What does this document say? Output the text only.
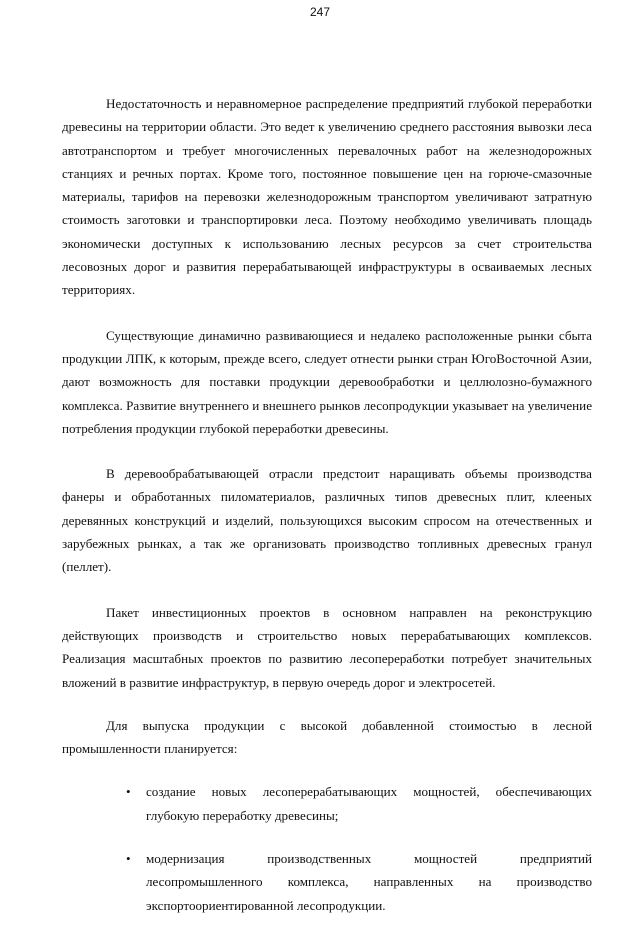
247

Недостаточность и неравномерное распределение предприятий глубокой переработки древесины на территории области. Это ведет к увеличению среднего расстояния вывозки леса автотранспортом и требует многочисленных перевалочных работ на железнодорожных станциях и речных портах. Кроме того, постоянное повышение цен на горюче-смазочные материалы, тарифов на перевозки железнодорожным транспортом увеличивают затратную стоимость заготовки и транспортировки леса. Поэтому необходимо увеличивать площадь экономически доступных к использованию лесных ресурсов за счет строительства лесовозных дорог и развития перерабатывающей инфраструктуры в осваиваемых лесных территориях.

Существующие динамично развивающиеся и недалеко расположенные рынки сбыта продукции ЛПК, к которым, прежде всего, следует отнести рынки стран ЮгоВосточной Азии, дают возможность для поставки продукции деревообработки и целлюлозно-бумажного комплекса. Развитие внутреннего и внешнего рынков лесопродукции указывает на увеличение потребления продукции глубокой переработки древесины.

В деревообрабатывающей отрасли предстоит наращивать объемы производства фанеры и обработанных пиломатериалов, различных типов древесных плит, клееных деревянных конструкций и изделий, пользующихся высоким спросом на отечественных и зарубежных рынках, а так же организовать производство топливных древесных гранул (пеллет).

Пакет инвестиционных проектов в основном направлен на реконструкцию действующих производств и строительство новых перерабатывающих комплексов. Реализация масштабных проектов по развитию лесопереработки потребует значительных вложений в развитие инфраструктур, в первую очередь дорог и электросетей.

Для выпуска продукции с высокой добавленной стоимостью в лесной промышленности планируется:

• создание новых лесоперерабатывающих мощностей, обеспечивающих глубокую переработку древесины;
• модернизация производственных мощностей предприятий лесопромышленного комплекса, направленных на производство экспортоориентированной лесопродукции.
